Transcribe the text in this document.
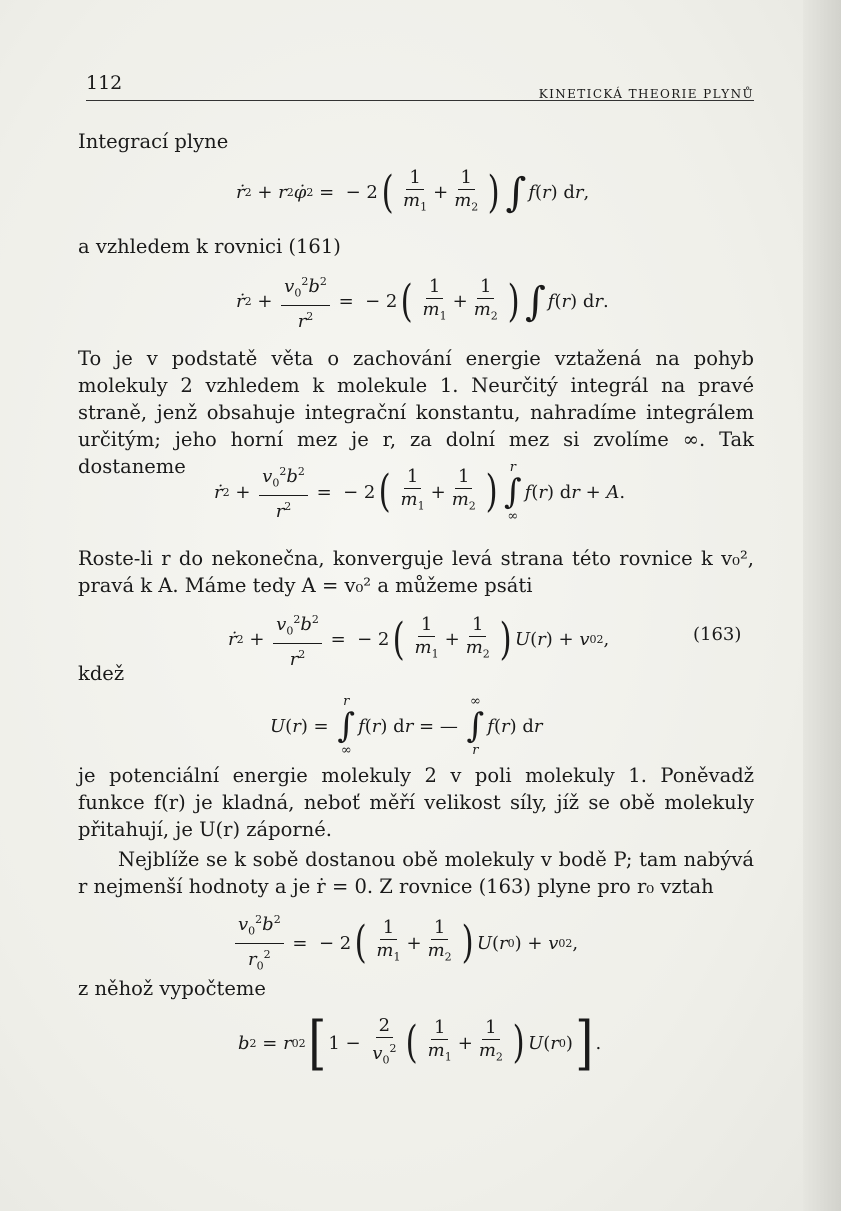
112	KINETICKÁ THEORIE PLYNŮ
Integrací plyne
ṙ 2 + r 2 φ̇ 2 =  − 2 ( $\frac{1}{m_1} + \frac{1}{m_2}$ ) ∫ f ( r ) d r ,
a vzhledem k rovnici (161)
ṙ $2 + \frac{v_0^2b^2}{r^2}$ =  − 2 ( $\frac{1}{m_1} + \frac{1}{m_2}$ ) ∫ f ( r ) d r .
To je v podstatě věta o zachování energie vztažená na pohyb molekuly 2 vzhledem k molekule 1. Neurčitý integrál na pravé straně, jenž obsahuje integrační konstantu, nahradíme integrálem určitým; jeho horní mez je r, za dolní mez si zvolíme ∞. Tak dostaneme
ṙ $2 + \frac{v_0^2b^2}{r^2}$ =  − 2 ( $\frac{1}{m_1} + \frac{1}{m_2}$ ) r
∫
∞
f ( r ) d r + A .
Roste-li r do nekonečna, konverguje levá strana této rovnice k v₀², pravá k A. Máme tedy A = v₀² a můžeme psáti
ṙ $2 + \frac{v_0^2b^2}{r^2}$ =  − 2 ( $\frac{1}{m_1} + \frac{1}{m_2}$ ) U ( r ) + v 0 2 ,	(163)
kdež
U ( r ) =
r
∫
∞
f ( r ) d r = —
∞
∫
r
f ( r ) d r
je potenciální energie molekuly 2 v poli molekuly 1. Poněvadž funkce f(r) je kladná, neboť měří velikost síly, jíž se obě molekuly přitahují, je U(r) záporné.
Nejblíže se k sobě dostanou obě molekuly v bodě P; tam nabývá r nejmenší hodnoty a je ṙ = 0. Z rovnice (163) plyne pro r₀ vztah
$\frac{v_0^2b^2}{r_0^2}$ =  − 2 ( $\frac{1}{m_1} + \frac{1}{m_2}$ ) U ( r 0 ) + v 0 2 ,
z něhož vypočteme
b 2 = r 0 2 [ $1 - \frac{2}{v_0^2}$ ( $\frac{1}{m_1} + \frac{1}{m_2}$ ) U ( r 0 ) ] .
